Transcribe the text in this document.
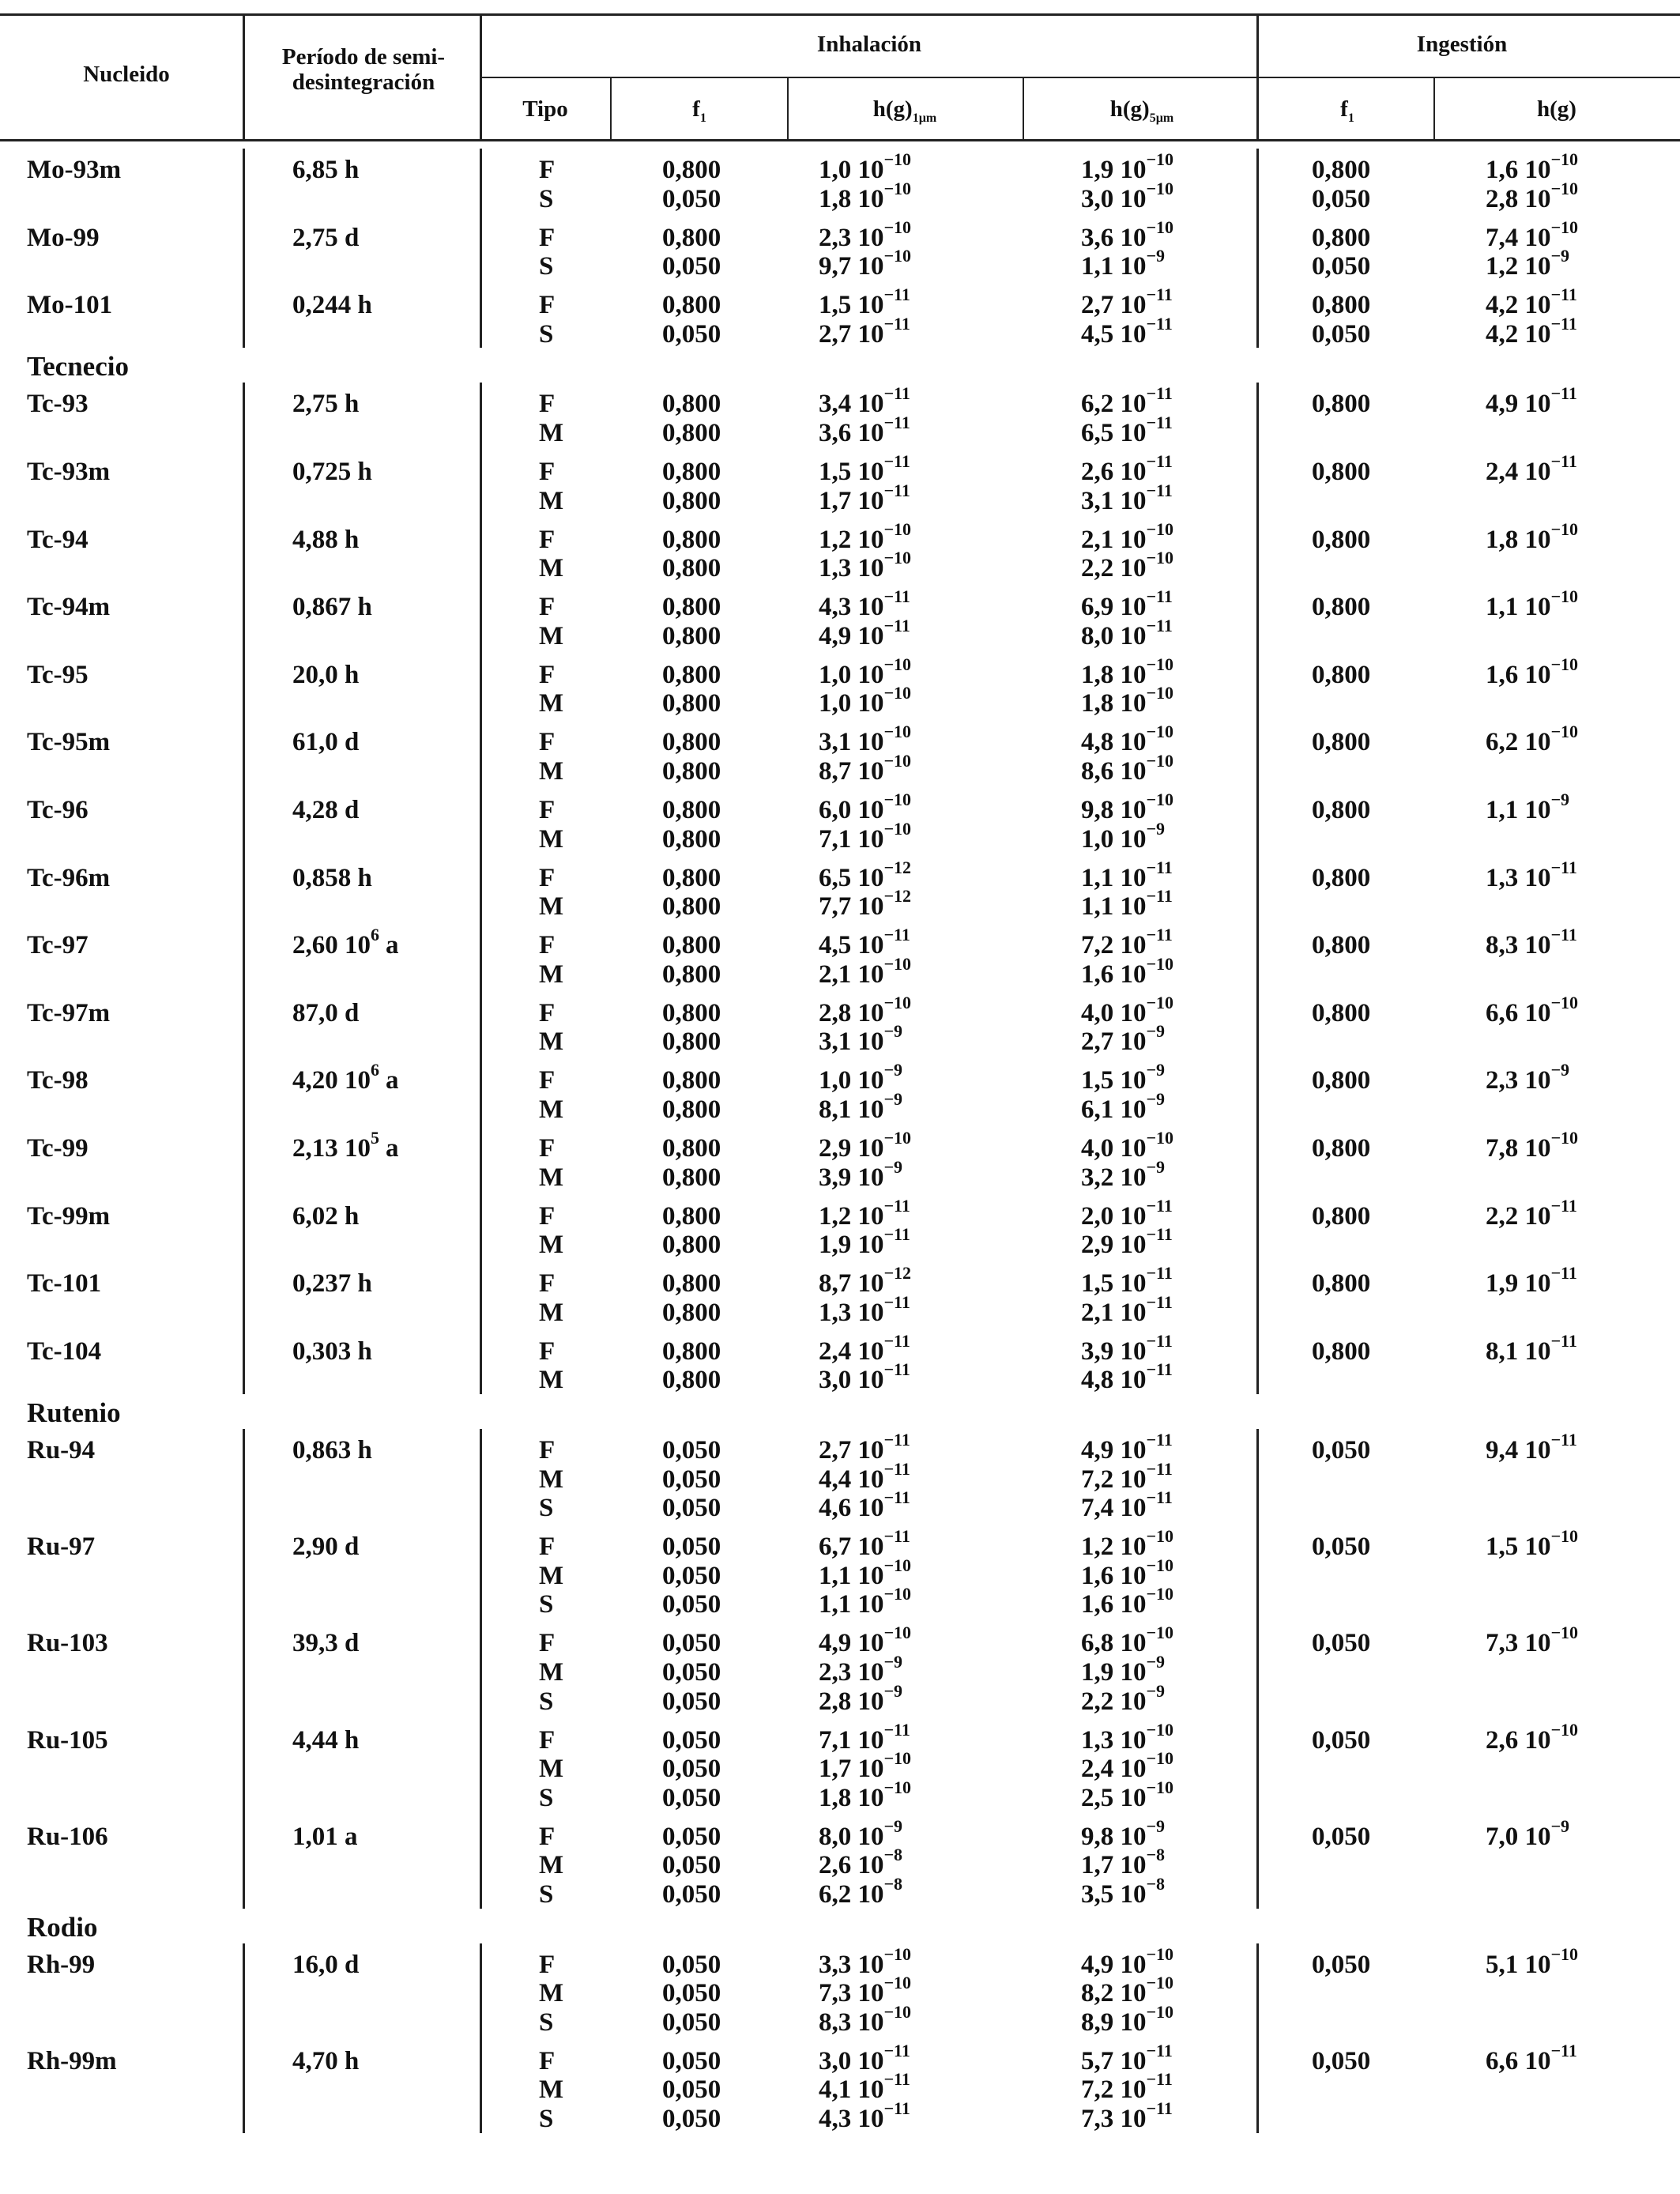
Nucleido
Período de semi-
desintegración
Inhalación	Ingestión
Tipo	$f_1$	$h(g)_{1\mu m}$	$h(g)_{5\mu m}$	$f_1$	h(g)
Mo-93m	6,85 h	F	0,800	1,0 $10^{-10}$	1,9 $10^{-10}$	0,800	1,6 $10^{-10}$
S	0,050	1,8 $10^{-10}$	3,0 $10^{-10}$	0,050	2,8 $10^{-10}$
Mo-99	2,75 d	F	0,800	2,3 $10^{-10}$	3,6 $10^{-10}$	0,800	7,4 $10^{-10}$
S	0,050	9,7 $10^{-10}$	1,1 $10^{-9}$	0,050	1,2 $10^{-9}$
Mo-101	0,244 h	F	0,800	1,5 $10^{-11}$	2,7 $10^{-11}$	0,800	4,2 $10^{-11}$
S	0,050	2,7 $10^{-11}$	4,5 $10^{-11}$	0,050	4,2 $10^{-11}$
Tecnecio
Tc-93	2,75 h	F	0,800	3,4 $10^{-11}$	6,2 $10^{-11}$	0,800	4,9 $10^{-11}$
M	0,800	3,6 $10^{-11}$	6,5 $10^{-11}$
Tc-93m	0,725 h	F	0,800	1,5 $10^{-11}$	2,6 $10^{-11}$	0,800	2,4 $10^{-11}$
M	0,800	1,7 $10^{-11}$	3,1 $10^{-11}$
Tc-94	4,88 h	F	0,800	1,2 $10^{-10}$	2,1 $10^{-10}$	0,800	1,8 $10^{-10}$
M	0,800	1,3 $10^{-10}$	2,2 $10^{-10}$
Tc-94m	0,867 h	F	0,800	4,3 $10^{-11}$	6,9 $10^{-11}$	0,800	1,1 $10^{-10}$
M	0,800	4,9 $10^{-11}$	8,0 $10^{-11}$
Tc-95	20,0 h	F	0,800	1,0 $10^{-10}$	1,8 $10^{-10}$	0,800	1,6 $10^{-10}$
M	0,800	1,0 $10^{-10}$	1,8 $10^{-10}$
Tc-95m	61,0 d	F	0,800	3,1 $10^{-10}$	4,8 $10^{-10}$	0,800	6,2 $10^{-10}$
M	0,800	8,7 $10^{-10}$	8,6 $10^{-10}$
Tc-96	4,28 d	F	0,800	6,0 $10^{-10}$	9,8 $10^{-10}$	0,800	1,1 $10^{-9}$
M	0,800	7,1 $10^{-10}$	1,0 $10^{-9}$
Tc-96m	0,858 h	F	0,800	6,5 $10^{-12}$	1,1 $10^{-11}$	0,800	1,3 $10^{-11}$
M	0,800	7,7 $10^{-12}$	1,1 $10^{-11}$
Tc-97	2,60 $10^6$ a	F	0,800	4,5 $10^{-11}$	7,2 $10^{-11}$	0,800	8,3 $10^{-11}$
M	0,800	2,1 $10^{-10}$	1,6 $10^{-10}$
Tc-97m	87,0 d	F	0,800	2,8 $10^{-10}$	4,0 $10^{-10}$	0,800	6,6 $10^{-10}$
M	0,800	3,1 $10^{-9}$	2,7 $10^{-9}$
Tc-98	4,20 $10^6$ a	F	0,800	1,0 $10^{-9}$	1,5 $10^{-9}$	0,800	2,3 $10^{-9}$
M	0,800	8,1 $10^{-9}$	6,1 $10^{-9}$
Tc-99	2,13 $10^5$ a	F	0,800	2,9 $10^{-10}$	4,0 $10^{-10}$	0,800	7,8 $10^{-10}$
M	0,800	3,9 $10^{-9}$	3,2 $10^{-9}$
Tc-99m	6,02 h	F	0,800	1,2 $10^{-11}$	2,0 $10^{-11}$	0,800	2,2 $10^{-11}$
M	0,800	1,9 $10^{-11}$	2,9 $10^{-11}$
Tc-101	0,237 h	F	0,800	8,7 $10^{-12}$	1,5 $10^{-11}$	0,800	1,9 $10^{-11}$
M	0,800	1,3 $10^{-11}$	2,1 $10^{-11}$
Tc-104	0,303 h	F	0,800	2,4 $10^{-11}$	3,9 $10^{-11}$	0,800	8,1 $10^{-11}$
M	0,800	3,0 $10^{-11}$	4,8 $10^{-11}$
Rutenio
Ru-94	0,863 h	F	0,050	2,7 $10^{-11}$	4,9 $10^{-11}$	0,050	9,4 $10^{-11}$
M	0,050	4,4 $10^{-11}$	7,2 $10^{-11}$
S	0,050	4,6 $10^{-11}$	7,4 $10^{-11}$
Ru-97	2,90 d	F	0,050	6,7 $10^{-11}$	1,2 $10^{-10}$	0,050	1,5 $10^{-10}$
M	0,050	1,1 $10^{-10}$	1,6 $10^{-10}$
S	0,050	1,1 $10^{-10}$	1,6 $10^{-10}$
Ru-103	39,3 d	F	0,050	4,9 $10^{-10}$	6,8 $10^{-10}$	0,050	7,3 $10^{-10}$
M	0,050	2,3 $10^{-9}$	1,9 $10^{-9}$
S	0,050	2,8 $10^{-9}$	2,2 $10^{-9}$
Ru-105	4,44 h	F	0,050	7,1 $10^{-11}$	1,3 $10^{-10}$	0,050	2,6 $10^{-10}$
M	0,050	1,7 $10^{-10}$	2,4 $10^{-10}$
S	0,050	1,8 $10^{-10}$	2,5 $10^{-10}$
Ru-106	1,01 a	F	0,050	8,0 $10^{-9}$	9,8 $10^{-9}$	0,050	7,0 $10^{-9}$
M	0,050	2,6 $10^{-8}$	1,7 $10^{-8}$
S	0,050	6,2 $10^{-8}$	3,5 $10^{-8}$
Rodio
Rh-99	16,0 d	F	0,050	3,3 $10^{-10}$	4,9 $10^{-10}$	0,050	5,1 $10^{-10}$
M	0,050	7,3 $10^{-10}$	8,2 $10^{-10}$
S	0,050	8,3 $10^{-10}$	8,9 $10^{-10}$
Rh-99m	4,70 h	F	0,050	3,0 $10^{-11}$	5,7 $10^{-11}$	0,050	6,6 $10^{-11}$
M	0,050	4,1 $10^{-11}$	7,2 $10^{-11}$
S	0,050	4,3 $10^{-11}$	7,3 $10^{-11}$
